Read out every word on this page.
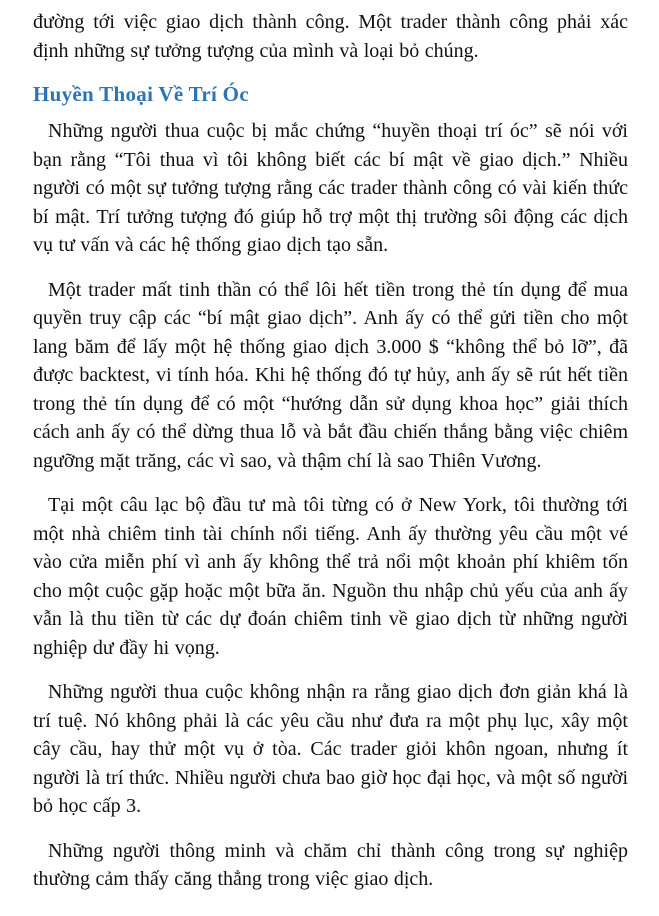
đường tới việc giao dịch thành công. Một trader thành công phải xác định những sự tưởng tượng của mình và loại bỏ chúng.

Huyền Thoại Về Trí Óc

Những người thua cuộc bị mắc chứng “huyền thoại trí óc” sẽ nói với bạn rằng “Tôi thua vì tôi không biết các bí mật về giao dịch.” Nhiều người có một sự tưởng tượng rằng các trader thành công có vài kiến thức bí mật. Trí tưởng tượng đó giúp hỗ trợ một thị trường sôi động các dịch vụ tư vấn và các hệ thống giao dịch tạo sẵn.

Một trader mất tinh thần có thể lôi hết tiền trong thẻ tín dụng để mua quyền truy cập các “bí mật giao dịch”. Anh ấy có thể gửi tiền cho một lang băm để lấy một hệ thống giao dịch 3.000 $ “không thể bỏ lỡ”, đã được backtest, vi tính hóa. Khi hệ thống đó tự hủy, anh ấy sẽ rút hết tiền trong thẻ tín dụng để có một “hướng dẫn sử dụng khoa học” giải thích cách anh ấy có thể dừng thua lỗ và bắt đầu chiến thắng bằng việc chiêm ngưỡng mặt trăng, các vì sao, và thậm chí là sao Thiên Vương.

Tại một câu lạc bộ đầu tư mà tôi từng có ở New York, tôi thường tới một nhà chiêm tinh tài chính nổi tiếng. Anh ấy thường yêu cầu một vé vào cửa miễn phí vì anh ấy không thể trả nổi một khoản phí khiêm tốn cho một cuộc gặp hoặc một bữa ăn. Nguồn thu nhập chủ yếu của anh ấy vẫn là thu tiền từ các dự đoán chiêm tinh về giao dịch từ những người nghiệp dư đầy hi vọng.

Những người thua cuộc không nhận ra rằng giao dịch đơn giản khá là trí tuệ. Nó không phải là các yêu cầu như đưa ra một phụ lục, xây một cây cầu, hay thử một vụ ở tòa. Các trader giỏi khôn ngoan, nhưng ít người là trí thức. Nhiều người chưa bao giờ học đại học, và một số người bỏ học cấp 3.

Những người thông minh và chăm chỉ thành công trong sự nghiệp thường cảm thấy căng thẳng trong việc giao dịch.
